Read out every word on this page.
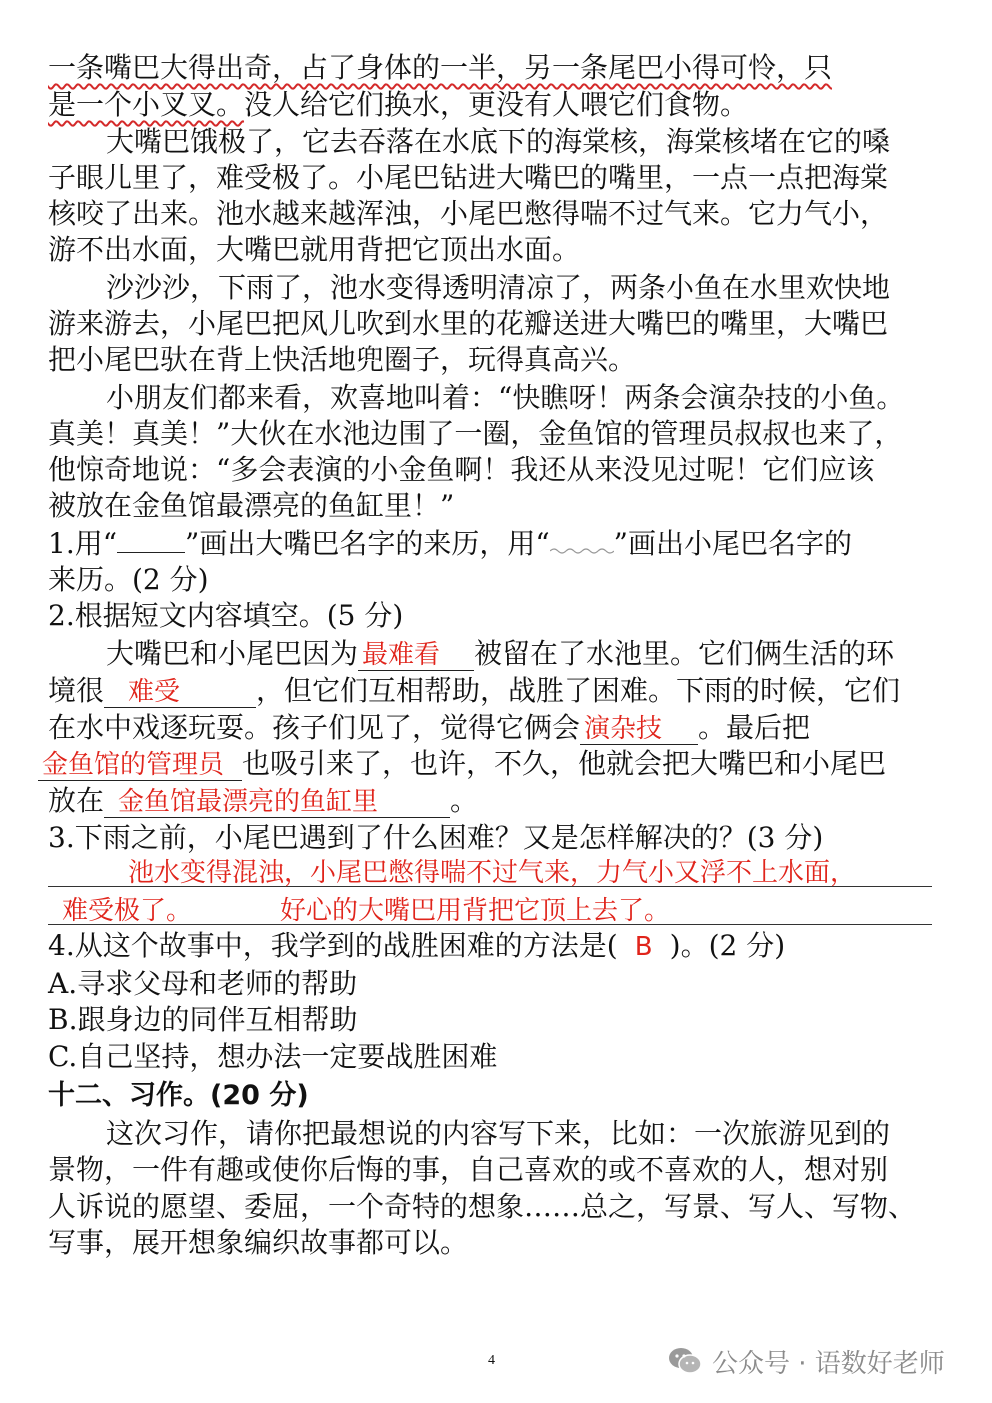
一条嘴巴大得出奇，占了身体的一半，另一条尾巴小得可怜，只
是一个小叉叉。没人给它们换水，更没有人喂它们食物。
大嘴巴饿极了，它去吞落在水底下的海棠核，海棠核堵在它的嗓
子眼儿里了，难受极了。小尾巴钻进大嘴巴的嘴里，一点一点把海棠
核咬了出来。池水越来越浑浊，小尾巴憋得喘不过气来。它力气小，
游不出水面，大嘴巴就用背把它顶出水面。
沙沙沙，下雨了，池水变得透明清凉了，两条小鱼在水里欢快地
游来游去，小尾巴把风儿吹到水里的花瓣送进大嘴巴的嘴里，大嘴巴
把小尾巴驮在背上快活地兜圈子，玩得真高兴。
小朋友们都来看，欢喜地叫着：“快瞧呀！两条会演杂技的小鱼。
真美！真美！”大伙在水池边围了一圈，金鱼馆的管理员叔叔也来了，
他惊奇地说：“多会表演的小金鱼啊！我还从来没见过呢！它们应该
被放在金鱼馆最漂亮的鱼缸里！”
1.用“ ”画出大嘴巴名字的来历，用“ ”画出小尾巴名字的
来历。(2 分)
2.根据短文内容填空。(5 分)
大嘴巴和小尾巴因为 最难看 被留在了水池里。它们俩生活的环
境很 难受	，但它们互相帮助，战胜了困难。下雨的时候，它们
在水中戏逐玩耍。孩子们见了，觉得它俩会 演杂技 。最后把
金鱼馆的管理员 也吸引来了，也许，不久，他就会把大嘴巴和小尾巴
放在 金鱼馆最漂亮的鱼缸里	。
3.下雨之前，小尾巴遇到了什么困难？又是怎样解决的？(3 分)
池水变得混浊，小尾巴憋得喘不过气来，力气小又浮不上水面，
难受极了。	好心的大嘴巴用背把它顶上去了。
4.从这个故事中，我学到的战胜困难的方法是( B )。(2 分)
A.寻求父母和老师的帮助
B.跟身边的同伴互相帮助
C.自己坚持，想办法一定要战胜困难
十二、习作。(20 分)
这次习作，请你把最想说的内容写下来，比如：一次旅游见到的
景物，一件有趣或使你后悔的事，自己喜欢的或不喜欢的人，想对别
人诉说的愿望、委屈，一个奇特的想象……总之，写景、写人、写物、
写事，展开想象编织故事都可以。
4	公众号 · 语数好老师
